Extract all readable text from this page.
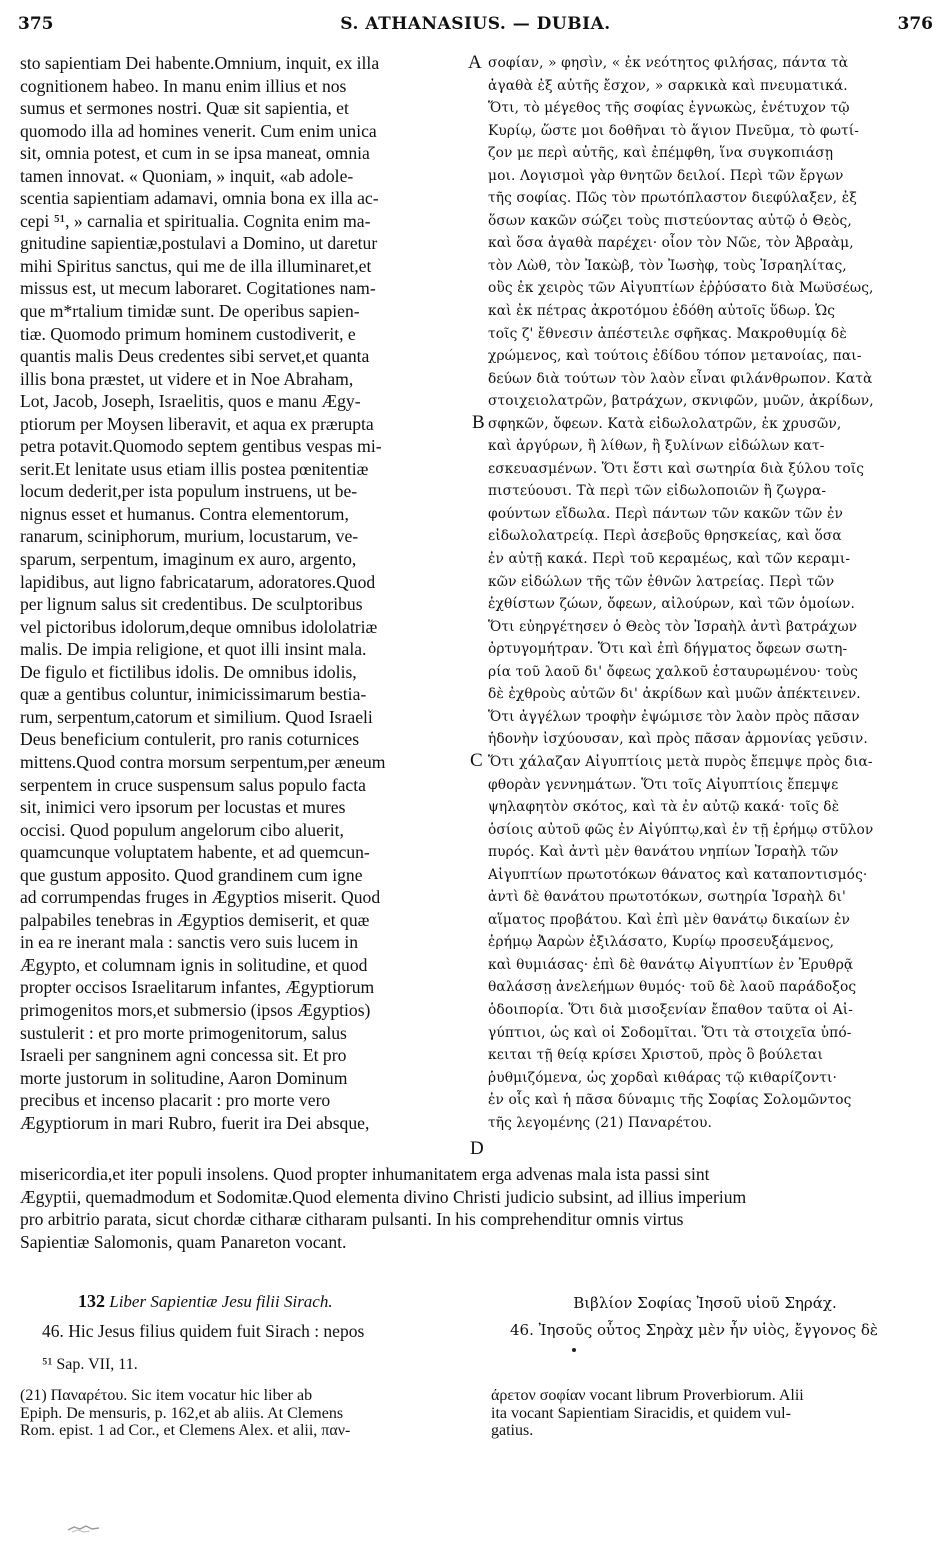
375	S. ATHANASIUS. — DUBIA.	376
sto sapientiam Dei habente.Omnium, inquit, ex illa
cognitionem habeo. In manu enim illius et nos
sumus et sermones nostri. Quæ sit sapientia, et
quomodo illa ad homines venerit. Cum enim unica
sit, omnia potest, et cum in se ipsa maneat, omnia
tamen innovat. « Quoniam, » inquit, «ab adole-
scentia sapientiam adamavi, omnia bona ex illa ac-
cepi ⁵¹, » carnalia et spiritualia. Cognita enim ma-
gnitudine sapientiæ,postulavi a Domino, ut daretur
mihi Spiritus sanctus, qui me de illa illuminaret,et
missus est, ut mecum laboraret. Cogitationes nam-
que m*rtalium timidæ sunt. De operibus sapien-
tiæ. Quomodo primum hominem custodiverit, e
quantis malis Deus credentes sibi servet,et quanta
illis bona præstet, ut videre et in Noe Abraham,
Lot, Jacob, Joseph, Israelitis, quos e manu Ægy-
ptiorum per Moysen liberavit, et aqua ex prærupta
petra potavit.Quomodo septem gentibus vespas mi-
serit.Et lenitate usus etiam illis postea pœnitentiæ
locum dederit,per ista populum instruens, ut be-
nignus esset et humanus. Contra elementorum,
ranarum, sciniphorum, murium, locustarum, ve-
sparum, serpentum, imaginum ex auro, argento,
lapidibus, aut ligno fabricatarum, adoratores.Quod
per lignum salus sit credentibus. De sculptoribus
vel pictoribus idolorum,deque omnibus idololatriæ
malis. De impia religione, et quot illi insint mala.
De figulo et fictilibus idolis. De omnibus idolis,
quæ a gentibus coluntur, inimicissimarum bestia-
rum, serpentum,catorum et similium. Quod Israeli
Deus beneficium contulerit, pro ranis coturnices
mittens.Quod contra morsum serpentum,per æneum
serpentem in cruce suspensum salus populo facta
sit, inimici vero ipsorum per locustas et mures
occisi. Quod populum angelorum cibo aluerit,
quamcunque voluptatem habente, et ad quemcun-
que gustum apposito. Quod grandinem cum igne
ad corrumpendas fruges in Ægyptios miserit. Quod
palpabiles tenebras in Ægyptios demiserit, et quæ
in ea re inerant mala : sanctis vero suis lucem in
Ægypto, et columnam ignis in solitudine, et quod
propter occisos Israelitarum infantes, Ægyptiorum
primogenitos mors,et submersio (ipsos Ægyptios)
sustulerit : et pro morte primogenitorum, salus
Israeli per sangninem agni concessa sit. Et pro
morte justorum in solitudine, Aaron Dominum
precibus et incenso placarit : pro morte vero
Ægyptiorum in mari Rubro, fuerit ira Dei absque,
σοφίαν, » φησὶν, « ἐκ νεότητος φιλήσας, πάντα τὰ
ἀγαθὰ ἐξ αὐτῆς ἔσχον, » σαρκικὰ καὶ πνευματικά.
Ὅτι, τὸ μέγεθος τῆς σοφίας ἐγνωκὼς, ἐνέτυχον τῷ
Κυρίῳ, ὥστε μοι δοθῆναι τὸ ἅγιον Πνεῦμα, τὸ φωτί-
ζον με περὶ αὐτῆς, καὶ ἐπέμφθη, ἵνα συγκοπιάσῃ
μοι. Λογισμοὶ γὰρ θνητῶν δειλοί. Περὶ τῶν ἔργων
τῆς σοφίας. Πῶς τὸν πρωτόπλαστον διεφύλαξεν, ἐξ
ὅσων κακῶν σώζει τοὺς πιστεύοντας αὐτῷ ὁ Θεὸς,
καὶ ὅσα ἀγαθὰ παρέχει· οἷον τὸν Νῶε, τὸν Ἀβραὰμ,
τὸν Λὼθ, τὸν Ἰακὼβ, τὸν Ἰωσὴφ, τοὺς Ἰσραηλίτας,
οὓς ἐκ χειρὸς τῶν Αἰγυπτίων ἐῤῥύσατο διὰ Μωϋσέως,
καὶ ἐκ πέτρας ἀκροτόμου ἐδόθη αὐτοῖς ὕδωρ. Ὡς
τοῖς ζ' ἔθνεσιν ἀπέστειλε σφῆκας. Μακροθυμίᾳ δὲ
χρώμενος, καὶ τούτοις ἐδίδου τόπον μετανοίας, παι-
δεύων διὰ τούτων τὸν λαὸν εἶναι φιλάνθρωπον. Κατὰ
στοιχειολατρῶν, βατράχων, σκνιφῶν, μυῶν, ἀκρίδων,
σφηκῶν, ὄφεων. Κατὰ εἰδωλολατρῶν, ἐκ χρυσῶν,
καὶ ἀργύρων, ἢ λίθων, ἢ ξυλίνων εἰδώλων κατ-
εσκευασμένων. Ὅτι ἔστι καὶ σωτηρία διὰ ξύλου τοῖς
πιστεύουσι. Τὰ περὶ τῶν εἰδωλοποιῶν ἢ ζωγρα-
φούντων εἴδωλα. Περὶ πάντων τῶν κακῶν τῶν ἐν
εἰδωλολατρείᾳ. Περὶ ἀσεβοῦς θρησκείας, καὶ ὅσα
ἐν αὐτῇ κακά. Περὶ τοῦ κεραμέως, καὶ τῶν κεραμι-
κῶν εἰδώλων τῆς τῶν ἐθνῶν λατρείας. Περὶ τῶν
ἐχθίστων ζώων, ὄφεων, αἰλούρων, καὶ τῶν ὁμοίων.
Ὅτι εὐηργέτησεν ὁ Θεὸς τὸν Ἰσραὴλ ἀντὶ βατράχων
ὀρτυγομήτραν. Ὅτι καὶ ἐπὶ δήγματος ὄφεων σωτη-
ρία τοῦ λαοῦ δι' ὄφεως χαλκοῦ ἐσταυρωμένου· τοὺς
δὲ ἐχθροὺς αὐτῶν δι' ἀκρίδων καὶ μυῶν ἀπέκτεινεν.
Ὅτι ἀγγέλων τροφὴν ἐψώμισε τὸν λαὸν πρὸς πᾶσαν
ἡδονὴν ἰσχύουσαν, καὶ πρὸς πᾶσαν ἁρμονίας γεῦσιν.
Ὅτι χάλαζαν Αἰγυπτίοις μετὰ πυρὸς ἔπεμψε πρὸς δια-
φθορὰν γεννημάτων. Ὅτι τοῖς Αἰγυπτίοις ἔπεμψε
ψηλαφητὸν σκότος, καὶ τὰ ἐν αὐτῷ κακά· τοῖς δὲ
ὁσίοις αὐτοῦ φῶς ἐν Αἰγύπτῳ,καὶ ἐν τῇ ἐρήμῳ στῦλον
πυρός. Καὶ ἀντὶ μὲν θανάτου νηπίων Ἰσραὴλ τῶν
Αἰγυπτίων πρωτοτόκων θάνατος καὶ καταποντισμός·
ἀντὶ δὲ θανάτου πρωτοτόκων, σωτηρία Ἰσραὴλ δι'
αἵματος προβάτου. Καὶ ἐπὶ μὲν θανάτῳ δικαίων ἐν
ἐρήμῳ Ἀαρὼν ἐξιλάσατο, Κυρίῳ προσευξάμενος,
καὶ θυμιάσας· ἐπὶ δὲ θανάτῳ Αἰγυπτίων ἐν Ἐρυθρᾷ
θαλάσσῃ ἀνελεήμων θυμός· τοῦ δὲ λαοῦ παράδοξος
ὁδοιπορία. Ὅτι διὰ μισοξενίαν ἔπαθον ταῦτα οἱ Αἰ-
γύπτιοι, ὡς καὶ οἱ Σοδομῖται. Ὅτι τὰ στοιχεῖα ὑπό-
κειται τῇ θείᾳ κρίσει Χριστοῦ, πρὸς ὃ βούλεται
ῥυθμιζόμενα, ὡς χορδαὶ κιθάρας τῷ κιθαρίζοντι·
ἐν οἷς καὶ ἡ πᾶσα δύναμις τῆς Σοφίας Σολομῶντος
τῆς λεγομένης (21) Παναρέτου.
A
B
C
D
misericordia,et iter populi insolens. Quod propter inhumanitatem erga advenas mala ista passi sint
Ægyptii, quemadmodum et Sodomitæ.Quod elementa divino Christi judicio subsint, ad illius imperium
pro arbitrio parata, sicut chordæ citharæ citharam pulsanti. In his comprehenditur omnis virtus
Sapientiæ Salomonis, quam Panareton vocant.
132 Liber Sapientiæ Jesu filii Sirach.	Βιβλίον Σοφίας Ἰησοῦ υἱοῦ Σηράχ.
46. Hic Jesus filius quidem fuit Sirach : nepos	46. Ἰησοῦς οὗτος Σηρὰχ μὲν ἦν υἱὸς, ἔγγονος δὲ
⁵¹ Sap. VII, 11.
(21) Παναρέτου. Sic item vocatur hic liber ab
Epiph. De mensuris, p. 162,et ab aliis. At Clemens
Rom. epist. 1 ad Cor., et Clemens Alex. et alii, παν-
άρετον σοφίαν vocant librum Proverbiorum. Alii
ita vocant Sapientiam Siracidis, et quidem vul-
gatius.
